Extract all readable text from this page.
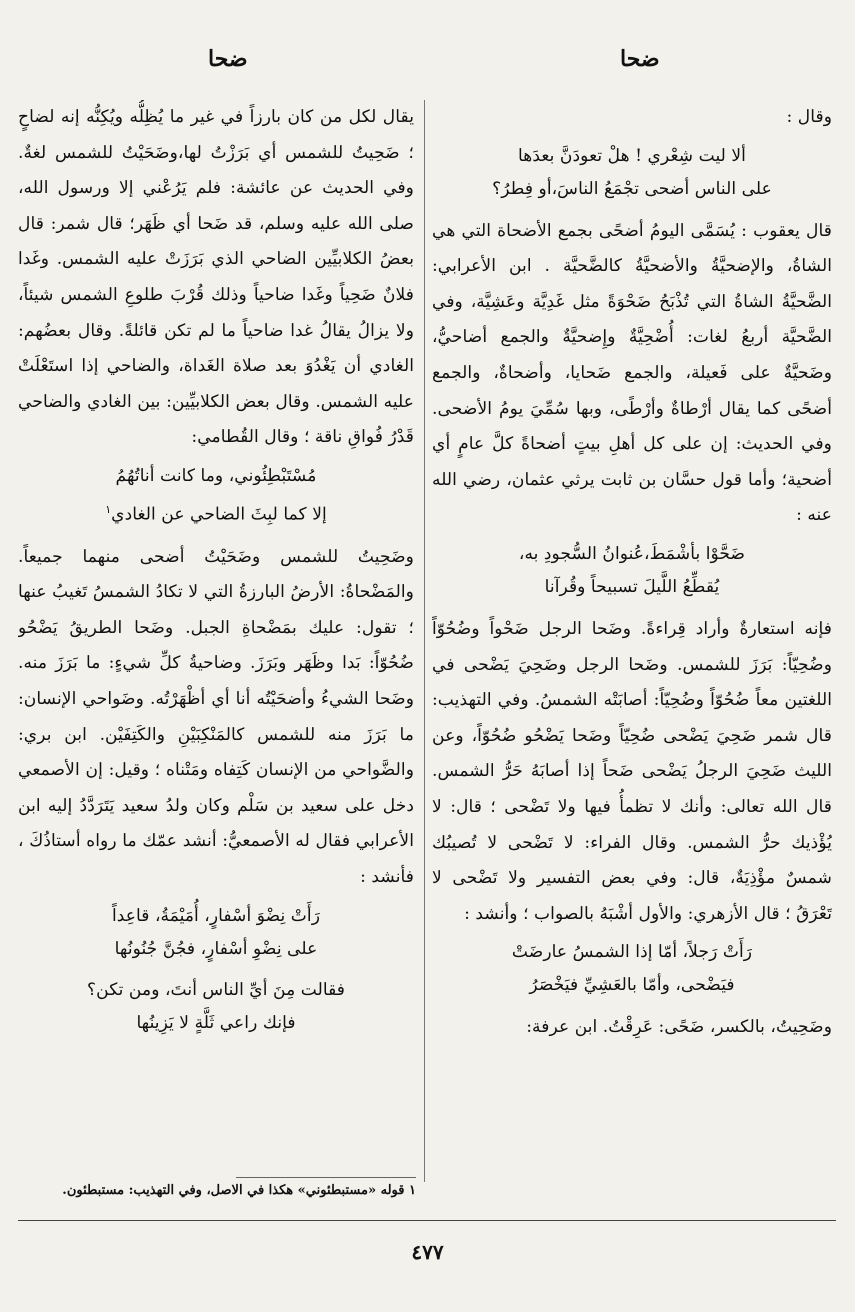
ضحا	ضحا

وقال :

ألا ليت شِعْري ! هلْ تعودَنَّ بعدَها
على الناس أضحى تجْمَعُ الناسَ،أو فِطرُ؟

قال يعقوب : يُسَمَّى اليومُ أضحًى بجمع الأضحاة التي هي الشاةُ، والإضحيَّةُ والأضحيَّةُ كالضَّحيَّة . ابن الأعرابي: الضَّحيَّةُ الشاةُ التي تُذْبَحُ ضَحْوَةً مثل غَدِيَّة وعَشِيَّة، وفي الضَّحيَّة أربعُ لغات: أُضْحِيَّةٌ وإِضحيَّةٌ والجمع أضاحيُّ، وضَحيَّةٌ على فَعيلة، والجمع ضَحايا، وأضحاةٌ، والجمع أضحًى كما يقال أرْطاةٌ وأرْطًى، وبها سُمِّيَ يومُ الأضحى. وفي الحديث: إن على كل أهلِ بيتٍ أضحاةً كلَّ عامٍ أي أضحية؛ وأما قول حسَّان بن ثابت يرثي عثمان، رضي الله عنه :

ضَحَّوْا بأشْمَطَ،عُنوانُ السُّجودِ به،
يُقطِّعُ اللَّيلَ تسبيحاً وقُرآنا

فإنه استعارةٌ وأراد قِراءةً. وضَحا الرجل ضَحْواً وضُحُوّاً وضُحِيّاً: بَرَزَ للشمس. وضَحا الرجل وضَحِيَ يَضْحى في اللغتين معاً ضُحُوّاً وضُحِيّاً: أصابَتْه الشمسُ. وفي التهذيب: قال شمر ضَحِيَ يَضْحى ضُحِيّاً وضَحا يَضْحُو ضُحُوّاً، وعن الليث ضَحِيَ الرجلُ يَضْحى ضَحاً إذا أصابَهُ حَرُّ الشمس. قال الله تعالى: وأنك لا تظمأُ فيها ولا تَضْحى ؛ قال: لا يُؤْذيك حرُّ الشمس. وقال الفراء: لا تَضْحى لا تُصيبُك شمسٌ مؤْذِيَةٌ، قال: وفي بعض التفسير ولا تَضْحى لا تَعْرَقُ ؛ قال الأزهري: والأول أشْبَهُ بالصواب ؛ وأنشد :

رَأَتْ رَجلاً، أمّا إذا الشمسُ عارضَتْ
فيَضْحى، وأمّا بالعَشِيِّ فيَخْصَرُ

وضَحِيتُ، بالكسر، ضَحًى: عَرِقْتُ. ابن عرفة:

يقال لكل من كان بارزاً في غير ما يُظِلُّه ويُكِنُّه إنه لضاحٍ ؛ ضَحِيتُ للشمس أي بَرَزْتُ لها،وضَحَيْتُ للشمس لغةٌ. وفي الحديث عن عائشة: فلم يَرُعْني إلا ورسول الله، صلى الله عليه وسلم، قد ضَحا أي ظَهَر؛ قال شمر: قال بعضُ الكلابيِّين الضاحي الذي بَرَزَتْ عليه الشمس. وغَدا فلانٌ ضَحِياً وغَدا ضاحياً وذلك قُرْبَ طلوعِ الشمس شيئاً، ولا يزالُ يقالُ غدا ضاحياً ما لم تكن قائلةً. وقال بعضُهم: الغادي أن يَغْدُوَ بعد صلاة الغَداة، والضاحي إذا استَعْلَتْ عليه الشمس. وقال بعض الكلابيِّين: بين الغادي والضاحي قَدْرُ فُواقِ ناقة ؛ وقال القُطامي:

مُسْتَبْطِئُوني، وما كانت أناتُهُمُ
إلا كما لبِثَ الضاحي عن الغادي$^١$

وضَحِيتُ للشمس وضَحَيْتُ أضحى منهما جميعاً. والمَضْحاةُ: الأرضُ البارزةُ التي لا تكادُ الشمسُ تَغيبُ عنها ؛ تقول: عليك بمَضْحاةِ الجبل. وضَحا الطريقُ يَضْحُو ضُحُوّاً: بَدا وظَهَر وبَرَزَ. وضاحيةُ كلِّ شيءٍ: ما بَرَزَ منه. وضَحا الشيءُ وأضحَيْتُه أنا أي أظْهَرْتُه. وضَواحي الإنسان: ما بَرَزَ منه للشمس كالمَنْكِبَيْنِ والكَتِفَيْن. ابن بري: والضَّواحي من الإنسان كَتِفاه ومَتْناه ؛ وقيل: إن الأصمعي دخل على سعيد بن سَلْم وكان ولدُ سعيد يَتَرَدَّدُ إليه ابن الأعرابي فقال له الأصمعيُّ: أنشد عمّك ما رواه أستاذُكَ ، فأنشد :

رَأَتْ نِضْوَ أسْفارٍ، أُمَيْمَةُ، قاعِداً
على نِضْوِ أسْفارٍ، فجُنَّ جُنُونُها
فقالت مِنَ أيِّ الناس أنتَ، ومن تكن؟
فإنك راعي ثَلَّةٍ لا يَزِينُها
١ قوله «مستبطئوني» هكذا في الاصل، وفي التهذيب: مستبطئون.
٤٧٧
